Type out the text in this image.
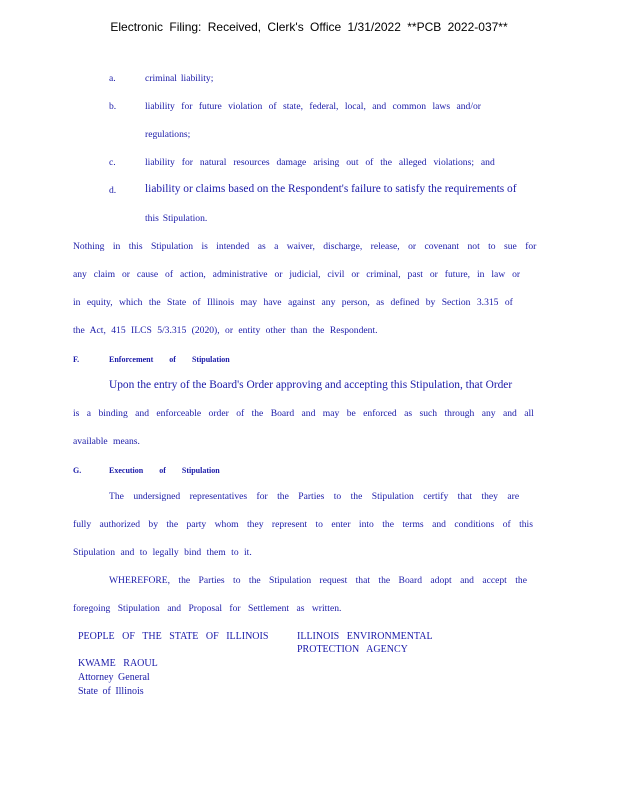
Electronic Filing: Received, Clerk's Office 1/31/2022 **PCB 2022-037**
a.	criminal liability;
b.	liability for future violation of state, federal, local, and common laws and/or
regulations;
c.	liability for natural resources damage arising out of the alleged violations; and
d.	liability or claims based on the Respondent's failure to satisfy the requirements of
this Stipulation.
Nothing in this Stipulation is intended as a waiver, discharge, release, or covenant not to sue for
any claim or cause of action, administrative or judicial, civil or criminal, past or future, in law or
in equity, which the State of Illinois may have against any person, as defined by Section 3.315 of
the Act, 415 ILCS 5/3.315 (2020), or entity other than the Respondent.
F.	Enforcement of Stipulation
Upon the entry of the Board's Order approving and accepting this Stipulation, that Order
is a binding and enforceable order of the Board and may be enforced as such through any and all
available means.
G.	Execution of Stipulation
The undersigned representatives for the Parties to the Stipulation certify that they are
fully authorized by the party whom they represent to enter into the terms and conditions of this
Stipulation and to legally bind them to it.
WHEREFORE, the Parties to the Stipulation request that the Board adopt and accept the
foregoing Stipulation and Proposal for Settlement as written.
PEOPLE OF THE STATE OF ILLINOIS	ILLINOIS ENVIRONMENTAL
PROTECTION AGENCY
KWAME RAOUL
Attorney General
State of Illinois
